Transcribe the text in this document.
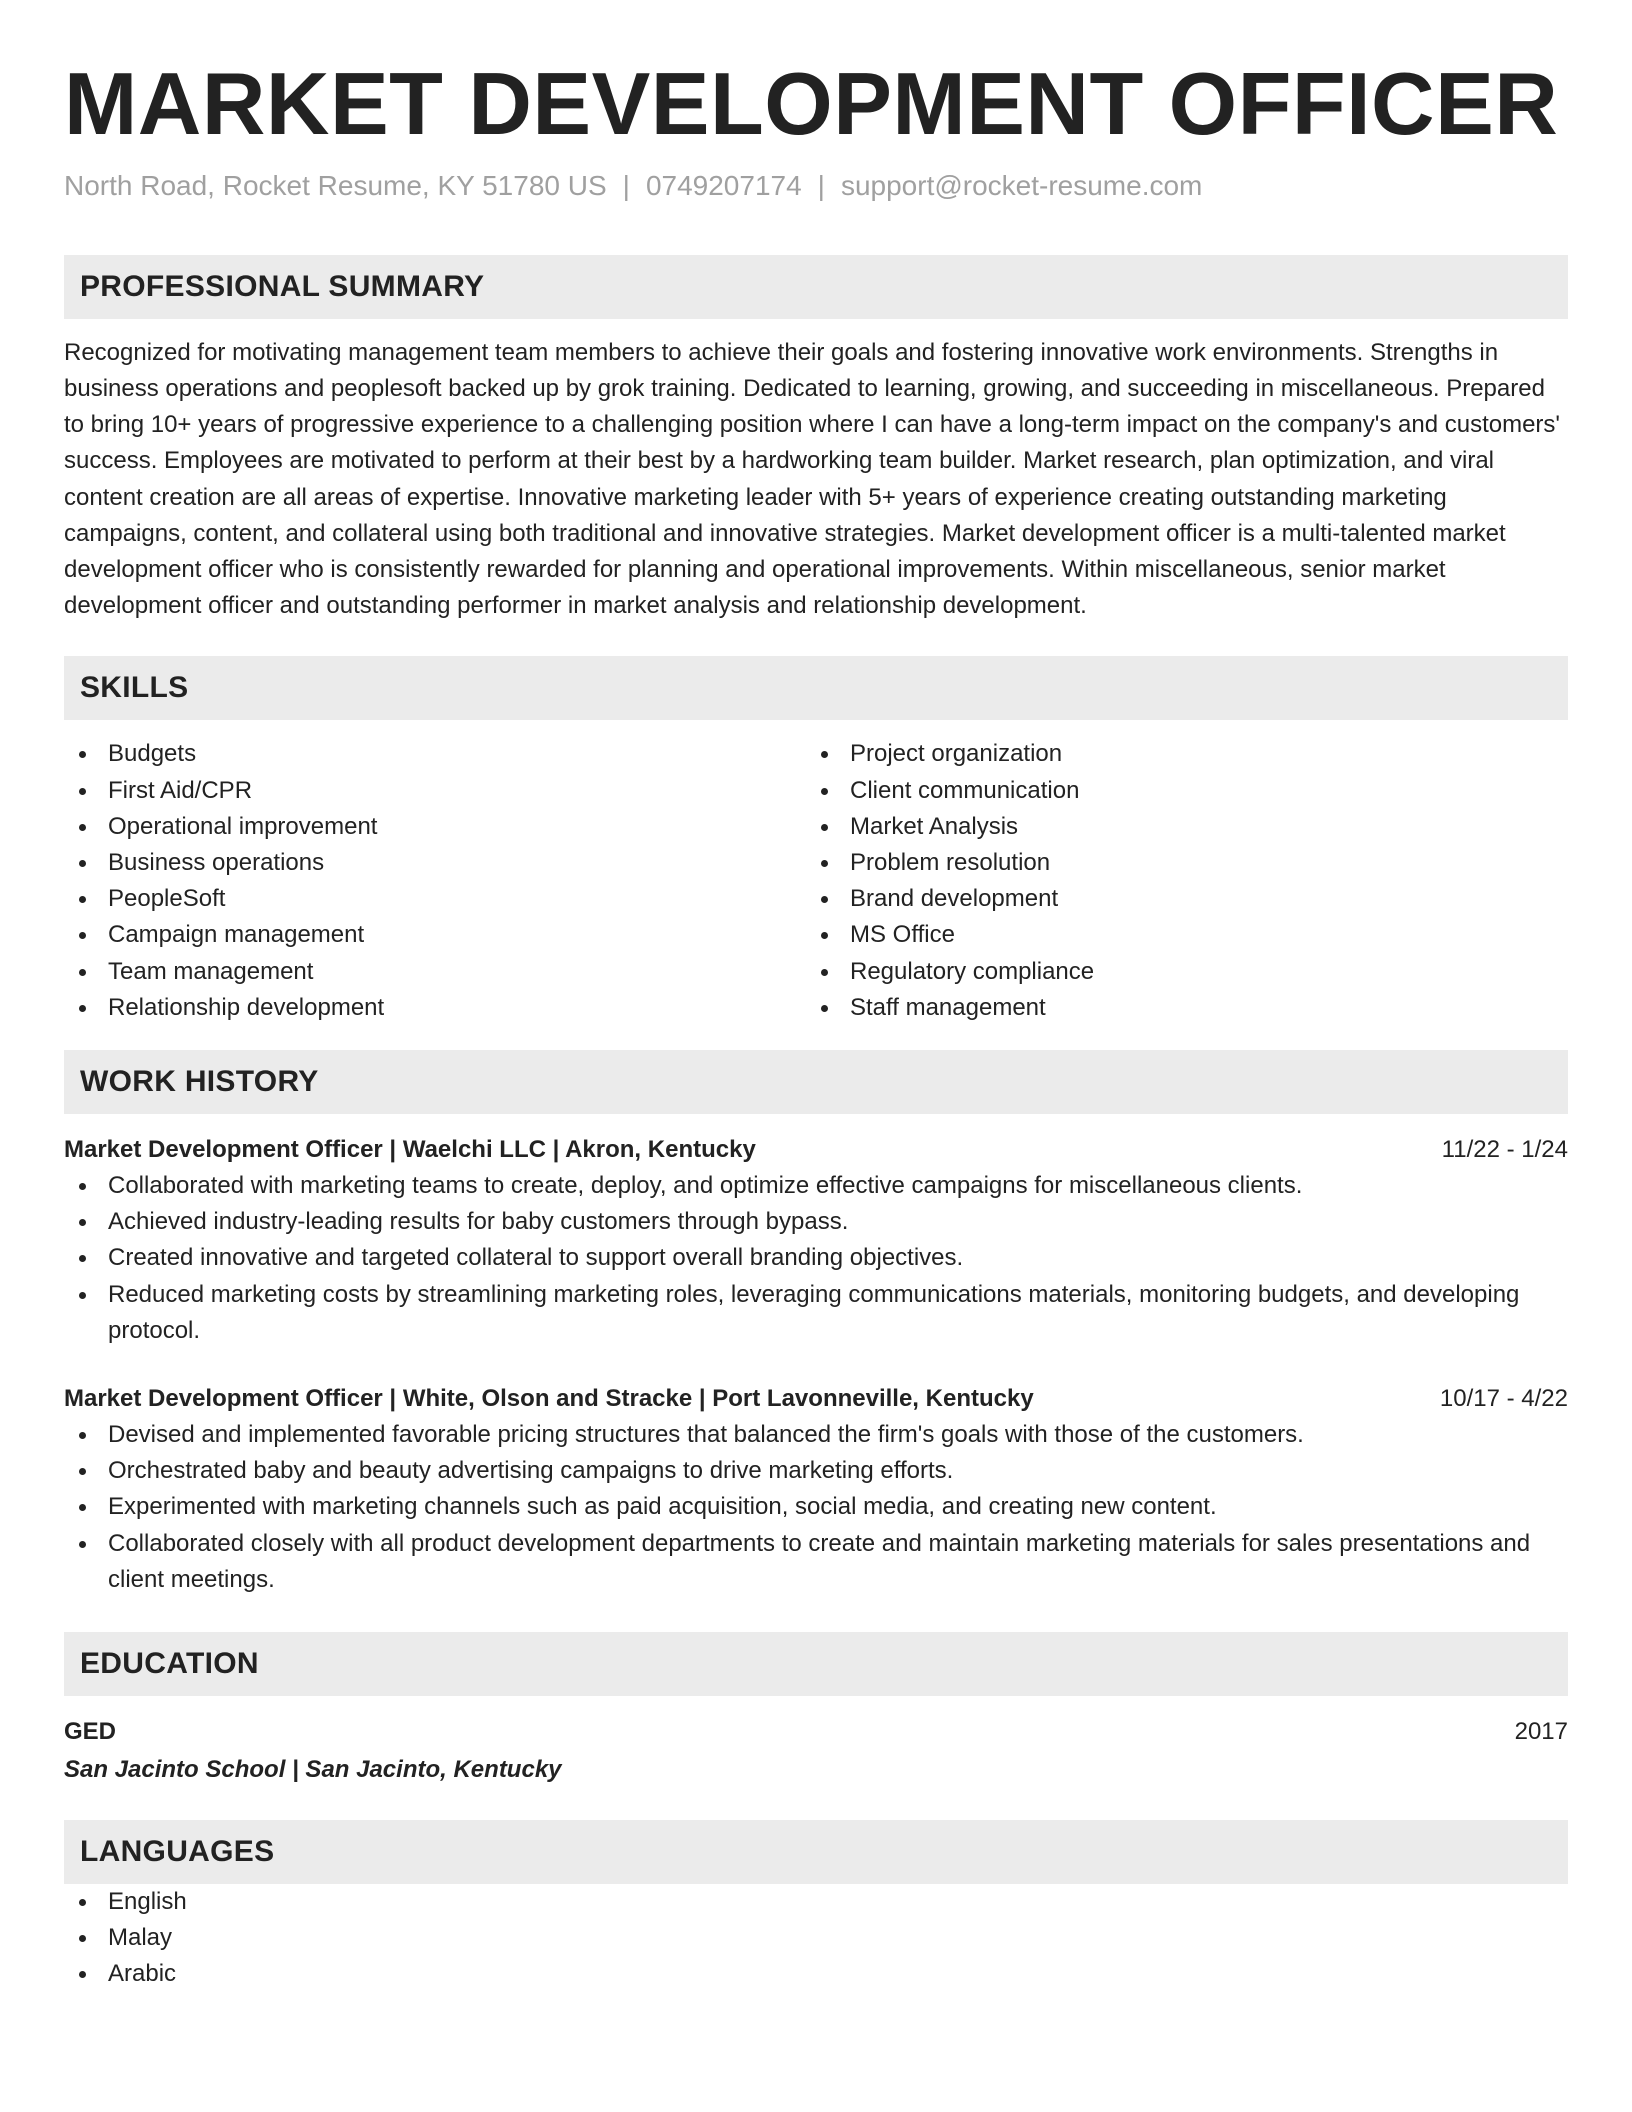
MARKET DEVELOPMENT OFFICER
North Road, Rocket Resume, KY 51780 US | 0749207174 | support@rocket-resume.com
PROFESSIONAL SUMMARY
Recognized for motivating management team members to achieve their goals and fostering innovative work environments. Strengths in business operations and peoplesoft backed up by grok training. Dedicated to learning, growing, and succeeding in miscellaneous. Prepared to bring 10+ years of progressive experience to a challenging position where I can have a long-term impact on the company's and customers' success. Employees are motivated to perform at their best by a hardworking team builder. Market research, plan optimization, and viral content creation are all areas of expertise. Innovative marketing leader with 5+ years of experience creating outstanding marketing campaigns, content, and collateral using both traditional and innovative strategies. Market development officer is a multi-talented market development officer who is consistently rewarded for planning and operational improvements. Within miscellaneous, senior market development officer and outstanding performer in market analysis and relationship development.
SKILLS
Budgets
First Aid/CPR
Operational improvement
Business operations
PeopleSoft
Campaign management
Team management
Relationship development
Project organization
Client communication
Market Analysis
Problem resolution
Brand development
MS Office
Regulatory compliance
Staff management
WORK HISTORY
Market Development Officer | Waelchi LLC | Akron, Kentucky	11/22 - 1/24
Collaborated with marketing teams to create, deploy, and optimize effective campaigns for miscellaneous clients.
Achieved industry-leading results for baby customers through bypass.
Created innovative and targeted collateral to support overall branding objectives.
Reduced marketing costs by streamlining marketing roles, leveraging communications materials, monitoring budgets, and developing protocol.
Market Development Officer | White, Olson and Stracke | Port Lavonneville, Kentucky	10/17 - 4/22
Devised and implemented favorable pricing structures that balanced the firm's goals with those of the customers.
Orchestrated baby and beauty advertising campaigns to drive marketing efforts.
Experimented with marketing channels such as paid acquisition, social media, and creating new content.
Collaborated closely with all product development departments to create and maintain marketing materials for sales presentations and client meetings.
EDUCATION
GED	2017
San Jacinto School | San Jacinto, Kentucky
LANGUAGES
English
Malay
Arabic
